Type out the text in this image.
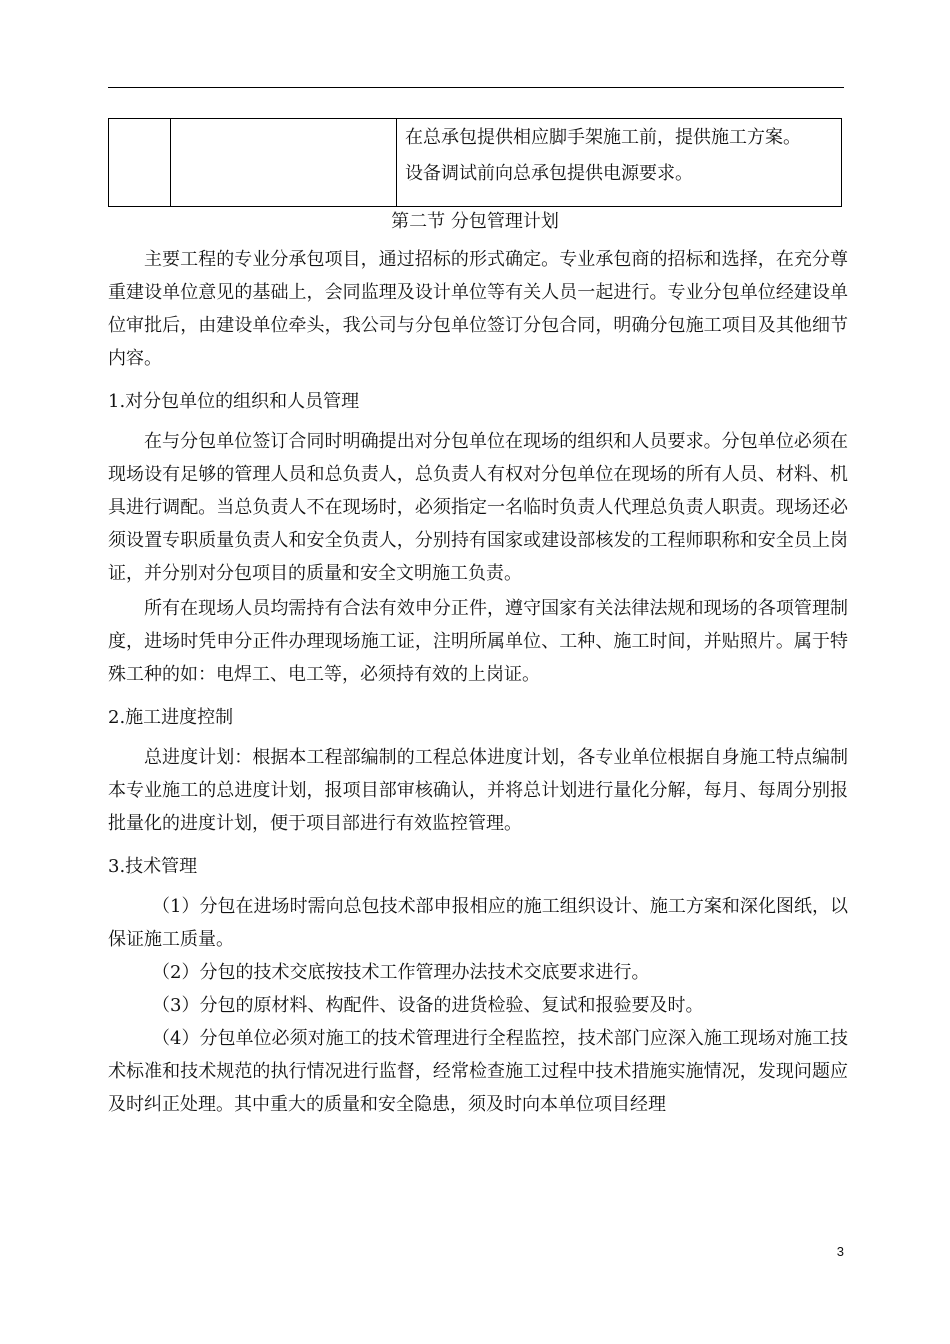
在总承包提供相应脚手架施工前，提供施工方案。
设备调试前向总承包提供电源要求。
第二节 分包管理计划

主要工程的专业分承包项目，通过招标的形式确定。专业承包商的招标和选择，在充分尊重建设单位意见的基础上，会同监理及设计单位等有关人员一起进行。专业分包单位经建设单位审批后，由建设单位牵头，我公司与分包单位签订分包合同，明确分包施工项目及其他细节内容。

1.对分包单位的组织和人员管理

在与分包单位签订合同时明确提出对分包单位在现场的组织和人员要求。分包单位必须在现场设有足够的管理人员和总负责人，总负责人有权对分包单位在现场的所有人员、材料、机具进行调配。当总负责人不在现场时，必须指定一名临时负责人代理总负责人职责。现场还必须设置专职质量负责人和安全负责人，分别持有国家或建设部核发的工程师职称和安全员上岗证，并分别对分包项目的质量和安全文明施工负责。

所有在现场人员均需持有合法有效申分正件，遵守国家有关法律法规和现场的各项管理制度，进场时凭申分正件办理现场施工证，注明所属单位、工种、施工时间，并贴照片。属于特殊工种的如：电焊工、电工等，必须持有效的上岗证。

2.施工进度控制

总进度计划：根据本工程部编制的工程总体进度计划，各专业单位根据自身施工特点编制本专业施工的总进度计划，报项目部审核确认，并将总计划进行量化分解，每月、每周分别报批量化的进度计划，便于项目部进行有效监控管理。

3.技术管理

（1）分包在进场时需向总包技术部申报相应的施工组织设计、施工方案和深化图纸，以保证施工质量。

（2）分包的技术交底按技术工作管理办法技术交底要求进行。

（3）分包的原材料、构配件、设备的进货检验、复试和报验要及时。

（4）分包单位必须对施工的技术管理进行全程监控，技术部门应深入施工现场对施工技术标准和技术规范的执行情况进行监督，经常检查施工过程中技术措施实施情况，发现问题应及时纠正处理。其中重大的质量和安全隐患，须及时向本单位项目经理

3
